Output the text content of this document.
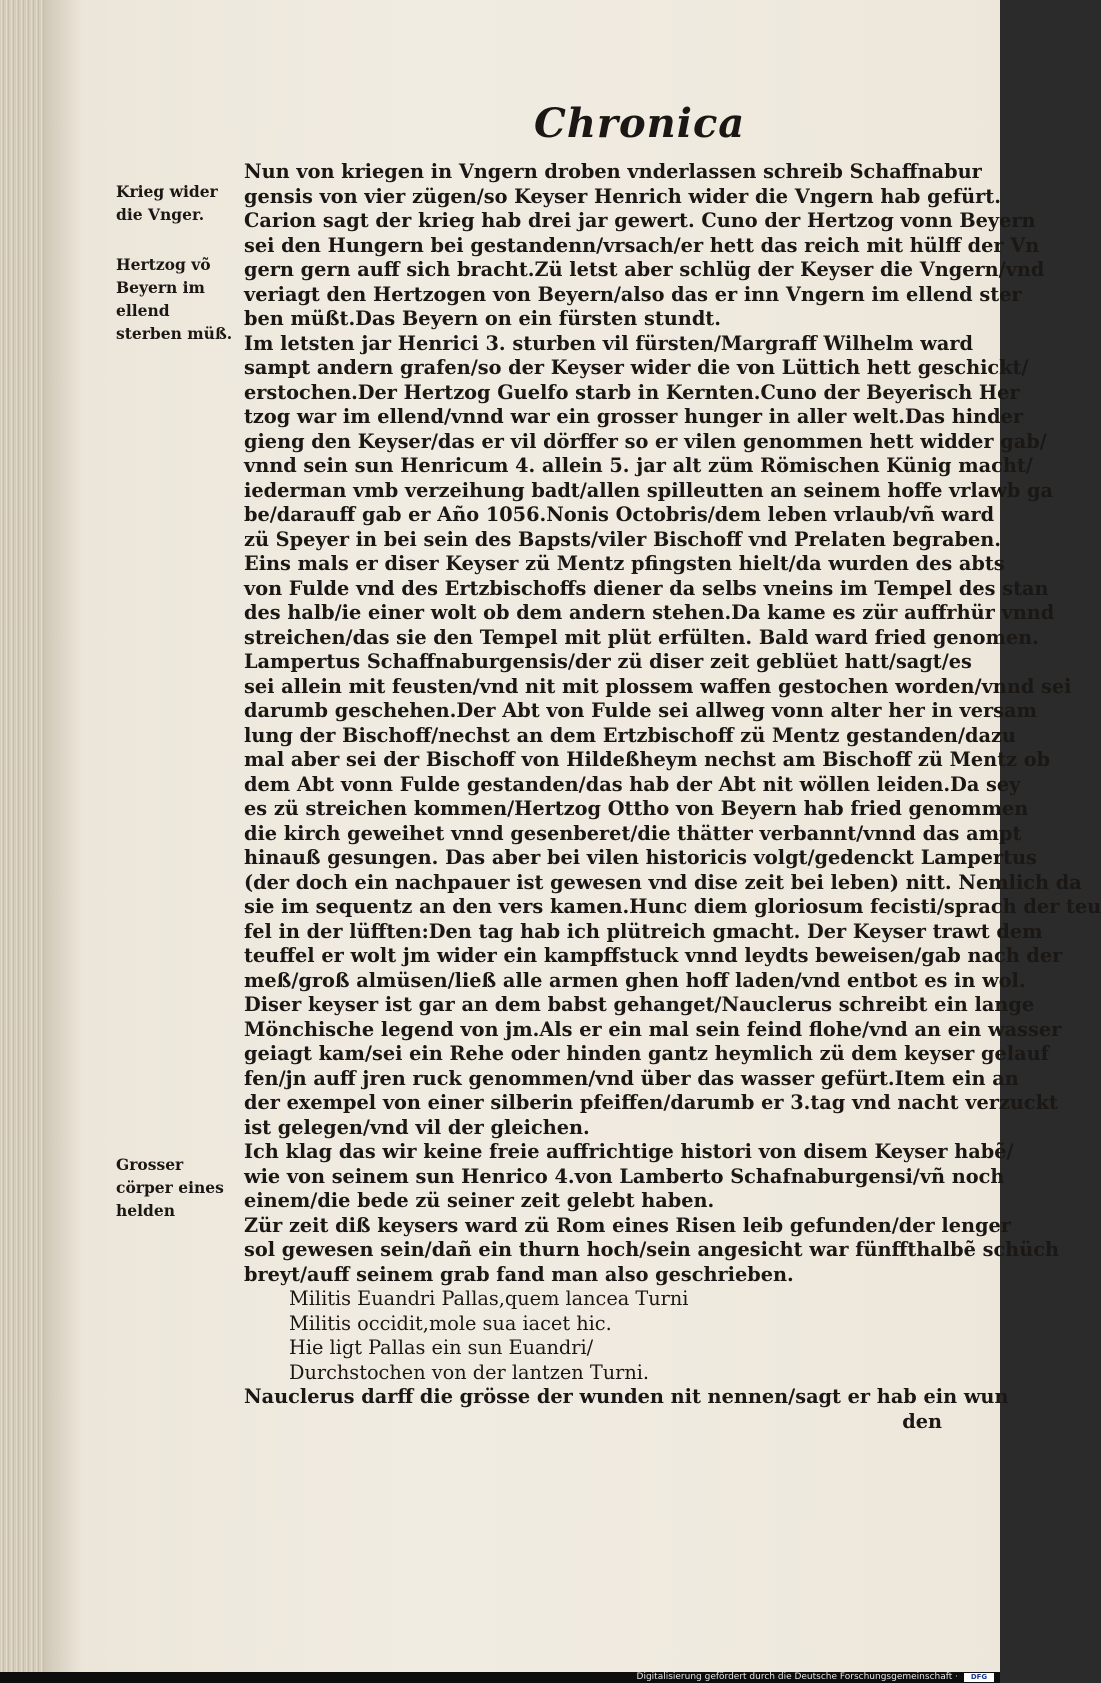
Chronica
Krieg wider die Vnger.
Hertzog võ Beyern im ellend sterben müß.
Grosser cörper eines helden
Nun von kriegen in Vngern droben vnderlassen schreib Schaffnabur
gensis von vier zügen/so Keyser Henrich wider die Vngern hab gefürt.
Carion sagt der krieg hab drei jar gewert. Cuno der Hertzog vonn Beyern
sei den Hungern bei gestandenn/vrsach/er hett das reich mit hülff der Vn
gern gern auff sich bracht.Zü letst aber schlüg der Keyser die Vngern/vnd
veriagt den Hertzogen von Beyern/also das er inn Vngern im ellend ster
ben müßt.Das Beyern on ein fürsten stundt.
Im letsten jar Henrici 3. sturben vil fürsten/Margraff Wilhelm ward
sampt andern grafen/so der Keyser wider die von Lüttich hett geschickt/
erstochen.Der Hertzog Guelfo starb in Kernten.Cuno der Beyerisch Her
tzog war im ellend/vnnd war ein grosser hunger in aller welt.Das hinder
gieng den Keyser/das er vil dörffer so er vilen genommen hett widder gab/
vnnd sein sun Henricum 4. allein 5. jar alt züm Römischen Künig macht/
iederman vmb verzeihung badt/allen spilleutten an seinem hoffe vrlawb ga
be/darauff gab er Año 1056.Nonis Octobris/dem leben vrlaub/vñ ward
zü Speyer in bei sein des Bapsts/viler Bischoff vnd Prelaten begraben.
Eins mals er diser Keyser zü Mentz pfingsten hielt/da wurden des abts
von Fulde vnd des Ertzbischoffs diener da selbs vneins im Tempel des stan
des halb/ie einer wolt ob dem andern stehen.Da kame es zür auffrhür vnnd
streichen/das sie den Tempel mit plüt erfülten. Bald ward fried genomen.
Lampertus Schaffnaburgensis/der zü diser zeit geblüet hatt/sagt/es
sei allein mit feusten/vnd nit mit plossem waffen gestochen worden/vnnd sei
darumb geschehen.Der Abt von Fulde sei allweg vonn alter her in versam
lung der Bischoff/nechst an dem Ertzbischoff zü Mentz gestanden/dazu
mal aber sei der Bischoff von Hildeßheym nechst am Bischoff zü Mentz ob
dem Abt vonn Fulde gestanden/das hab der Abt nit wöllen leiden.Da sey
es zü streichen kommen/Hertzog Ottho von Beyern hab fried genommen
die kirch geweihet vnnd gesenberet/die thätter verbannt/vnnd das ampt
hinauß gesungen. Das aber bei vilen historicis volgt/gedenckt Lampertus
(der doch ein nachpauer ist gewesen vnd dise zeit bei leben) nitt. Nemlich da
sie im sequentz an den vers kamen.Hunc diem gloriosum fecisti/sprach der teu
fel in der lüfften:Den tag hab ich plütreich gmacht. Der Keyser trawt dem
teuffel er wolt jm wider ein kampffstuck vnnd leydts beweisen/gab nach der
meß/groß almüsen/ließ alle armen ghen hoff laden/vnd entbot es in wol.
Diser keyser ist gar an dem babst gehanget/Nauclerus schreibt ein lange
Mönchische legend von jm.Als er ein mal sein feind flohe/vnd an ein wasser
geiagt kam/sei ein Rehe oder hinden gantz heymlich zü dem keyser gelauf
fen/jn auff jren ruck genommen/vnd über das wasser gefürt.Item ein an
der exempel von einer silberin pfeiffen/darumb er 3.tag vnd nacht verzuckt
ist gelegen/vnd vil der gleichen.
Ich klag das wir keine freie auffrichtige histori von disem Keyser habẽ/
wie von seinem sun Henrico 4.von Lamberto Schafnaburgensi/vñ noch
einem/die bede zü seiner zeit gelebt haben.
Zür zeit diß keysers ward zü Rom eines Risen leib gefunden/der lenger
sol gewesen sein/dañ ein thurn hoch/sein angesicht war fünffthalbẽ schüch
breyt/auff seinem grab fand man also geschrieben.
Militis Euandri Pallas,quem lancea Turni
Militis occidit,mole sua iacet hic.
Hie ligt Pallas ein sun Euandri/
Durchstochen von der lantzen Turni.
Nauclerus darff die grösse der wunden nit nennen/sagt er hab ein wun
den
Digitalisierung gefördert durch die Deutsche Forschungsgemeinschaft ·	DFG
